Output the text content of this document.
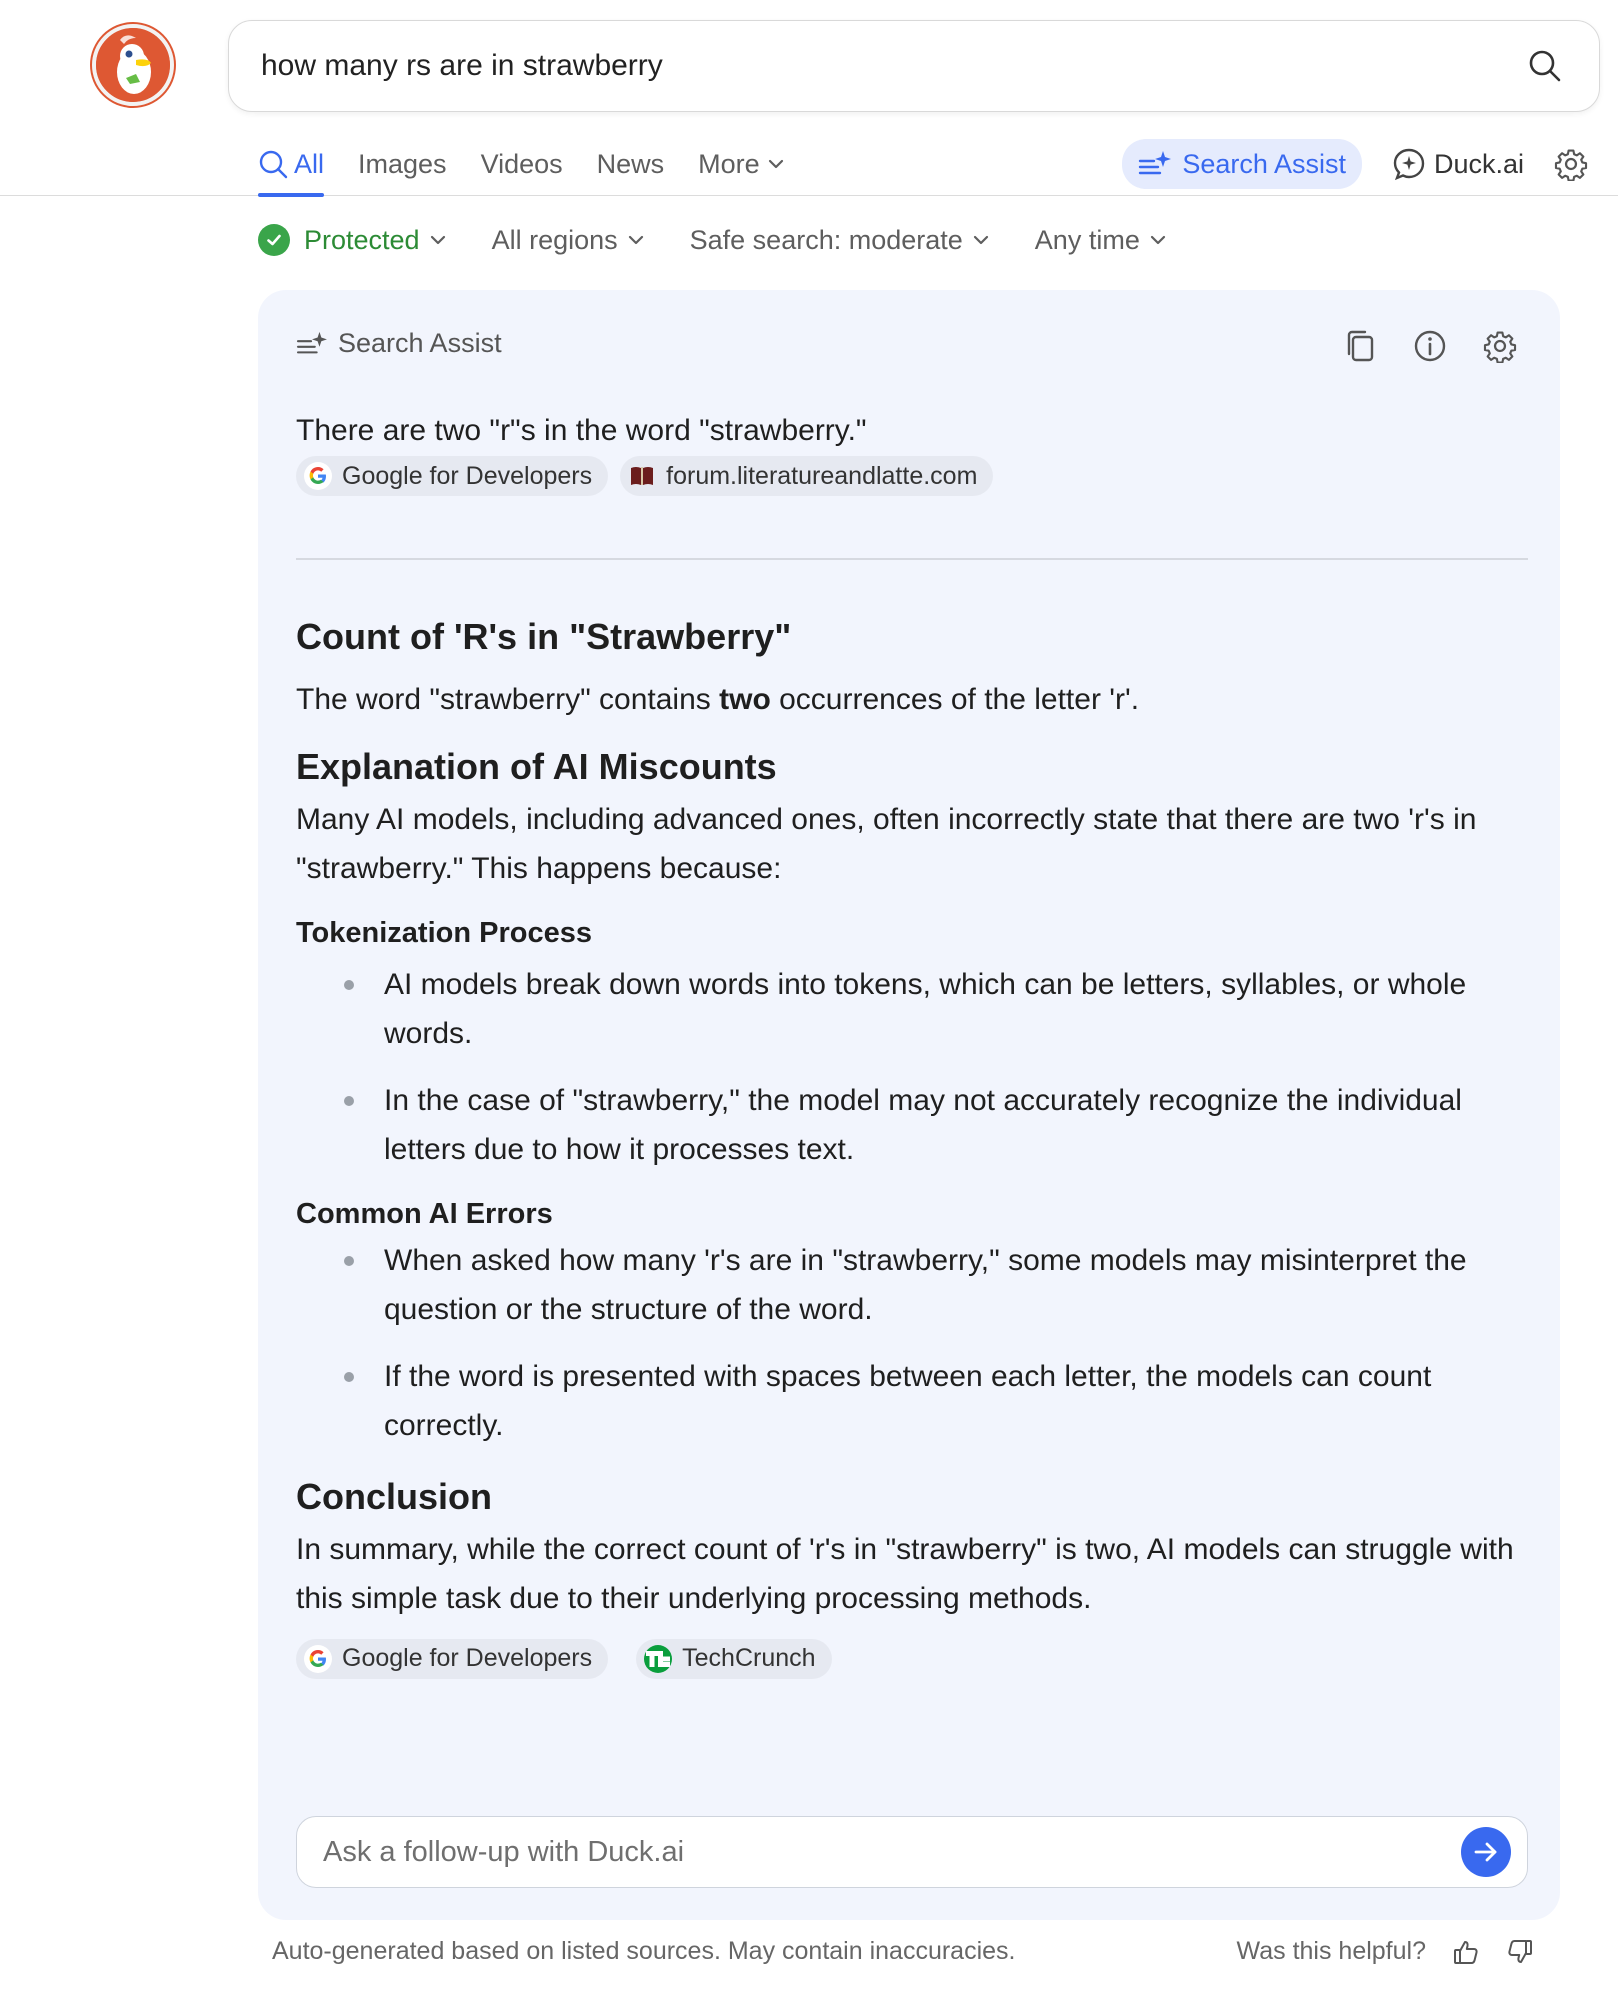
how many rs are in strawberry
All Images Videos News More	Search Assist	Duck.ai
Protected	All regions	Safe search: moderate	Any time
Search Assist

There are two "r"s in the word "strawberry."

Google for Developers	forum.literatureandlatte.com
Count of 'R's in "Strawberry"

The word "strawberry" contains two occurrences of the letter 'r'.

Explanation of AI Miscounts

Many AI models, including advanced ones, often incorrectly state that there are two 'r's in "strawberry." This happens because:

Tokenization Process
AI models break down words into tokens, which can be letters, syllables, or whole words.
In the case of "strawberry," the model may not accurately recognize the individual letters due to how it processes text.
Common AI Errors
When asked how many 'r's are in "strawberry," some models may misinterpret the question or the structure of the word.
If the word is presented with spaces between each letter, the models can count correctly.
Conclusion

In summary, while the correct count of 'r's in "strawberry" is two, AI models can struggle with this simple task due to their underlying processing methods.

Google for Developers	TechCrunch
Ask a follow-up with Duck.ai
Auto-generated based on listed sources. May contain inaccuracies.	Was this helpful?
